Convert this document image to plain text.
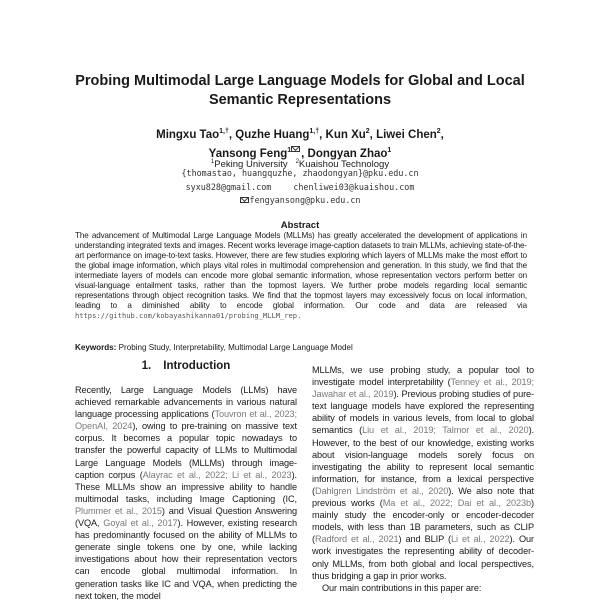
Probing Multimodal Large Language Models for Global and Local Semantic Representations
Mingxu Tao$^{1,\dagger}$, Quzhe Huang$^{1,\dagger}$, Kun Xu$^2$, Liwei Chen$^2$,
Yansong Feng$^1$ , Dongyan Zhao$^1$
$^1$Peking University $^2$Kuaishou Technology
{thomastao, huangquzhe, zhaodongyan}@pku.edu.cn
syxu828@gmail.com	chenliwei03@kuaishou.com
fengyansong@pku.edu.cn
Abstract
The advancement of Multimodal Large Language Models (MLLMs) has greatly accelerated the development of applications in understanding integrated texts and images. Recent works leverage image-caption datasets to train MLLMs, achieving state-of-the-art performance on image-to-text tasks. However, there are few studies exploring which layers of MLLMs make the most effort to the global image information, which plays vital roles in multimodal comprehension and generation. In this study, we find that the intermediate layers of models can encode more global semantic information, whose representation vectors perform better on visual-language entailment tasks, rather than the topmost layers. We further probe models regarding local semantic representations through object recognition tasks. We find that the topmost layers may excessively focus on local information, leading to a diminished ability to encode global information. Our code and data are released via https://github.com/kobayashikanna01/probing_MLLM_rep.
Keywords: Probing Study, Interpretability, Multimodal Large Language Model
1. Introduction
Recently, Large Language Models (LLMs) have achieved remarkable advancements in various natural language processing applications (Touvron et al., 2023; OpenAI, 2024), owing to pre-training on massive text corpus. It becomes a popular topic nowadays to transfer the powerful capacity of LLMs to Multimodal Large Language Models (MLLMs) through image-caption corpus (Alayrac et al., 2022; Li et al., 2023). These MLLMs show an impressive ability to handle multimodal tasks, including Image Captioning (IC, Plummer et al., 2015) and Visual Question Answering (VQA, Goyal et al., 2017). However, existing research has predominantly focused on the ability of MLLMs to generate single tokens one by one, while lacking investigations about how their representation vectors can encode global multimodal information. In generation tasks like IC and VQA, when predicting the next token, the model
MLLMs, we use probing study, a popular tool to investigate model interpretability (Tenney et al., 2019; Jawahar et al., 2019). Previous probing studies of pure-text language models have explored the representing ability of models in various levels, from local to global semantics (Liu et al., 2019; Talmor et al., 2020). However, to the best of our knowledge, existing works about vision-language models sorely focus on investigating the ability to represent local semantic information, for instance, from a lexical perspective (Dahlgren Lindström et al., 2020). We also note that previous works (Ma et al., 2022; Dai et al., 2023b) mainly study the encoder-only or encoder-decoder models, with less than 1B parameters, such as CLIP (Radford et al., 2021) and BLIP (Li et al., 2022). Our work investigates the representing ability of decoder-only MLLMs, from both global and local perspectives, thus bridging a gap in prior works.
Our main contributions in this paper are:
